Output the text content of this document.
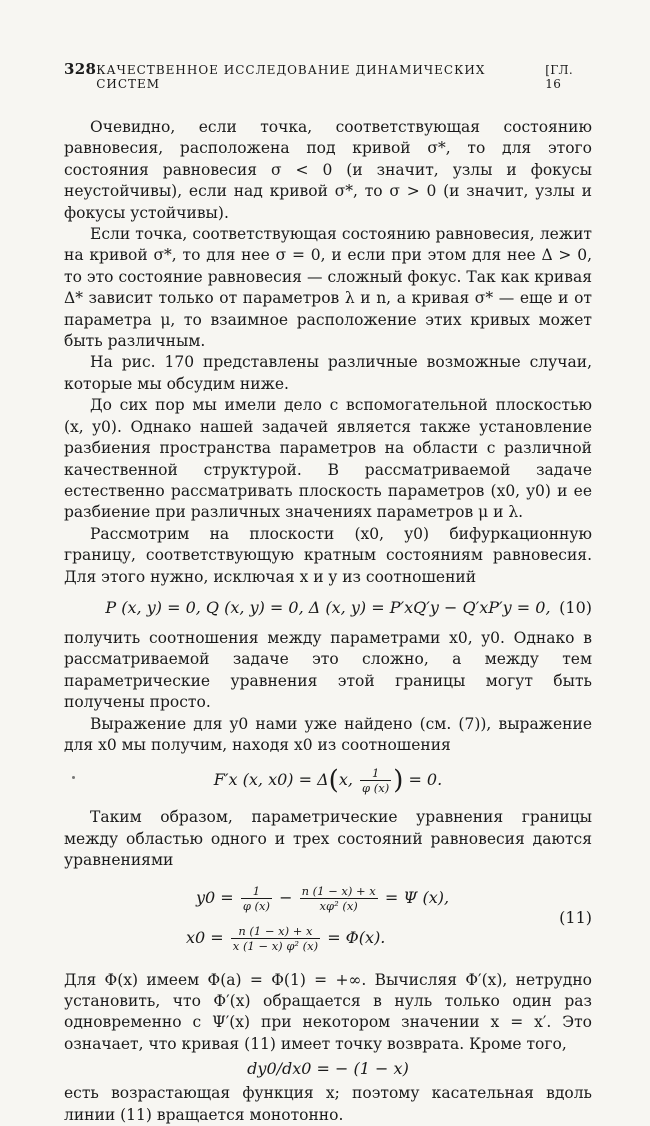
328 КАЧЕСТВЕННОЕ ИССЛЕДОВАНИЕ ДИНАМИЧЕСКИХ СИСТЕМ
[ГЛ. 16

Очевидно, если точка, соответствующая состоянию равновесия, расположена под кривой σ*, то для этого состояния равновесия σ < 0 (и значит, узлы и фокусы неустойчивы), если над кривой σ*, то σ > 0 (и значит, узлы и фокусы устойчивы).

Если точка, соответствующая состоянию равновесия, лежит на кривой σ*, то для нее σ = 0, и если при этом для нее Δ > 0, то это состояние равновесия — сложный фокус. Так как кривая Δ* зависит только от параметров λ и n, а кривая σ* — еще и от параметра μ, то взаимное расположение этих кривых может быть различным.

На рис. 170 представлены различные возможные случаи, которые мы обсудим ниже.

До сих пор мы имели дело с вспомогательной плоскостью (x, y0). Однако нашей задачей является также установление разбиения пространства параметров на области с различной качественной структурой. В рассматриваемой задаче естественно рассматривать плоскость параметров (x0, y0) и ее разбиение при различных значениях параметров μ и λ.

Рассмотрим на плоскости (x0, y0) бифуркационную границу, соответствующую кратным состояниям равновесия. Для этого нужно, исключая x и y из соотношений

P (x, y) = 0, Q (x, y) = 0, Δ (x, y) = P′xQ′y − Q′xP′y = 0, (10)

получить соотношения между параметрами x0, y0. Однако в рассматриваемой задаче это сложно, а между тем параметрические уравнения этой границы могут быть получены просто.

Выражение для y0 нами уже найдено (см. (7)), выражение для x0 мы получим, находя x0 из соотношения

F′x (x, x0) = Δ(x, $\frac{1}{\varphi (x)}$ ) = 0.

Таким образом, параметрические уравнения границы между областью одного и трех состояний равновесия даются уравнениями

$y0 = \frac{1}{\varphi (x)} - \frac{n (1 - x) + x}{\text{xφ² (x)}} = \Psi$ (x),
$x0 = \frac{n (1 - x) + x}{\text{x (1 − x) φ² (x)}} = \Phi(x)$.
(11)

Для Φ(x) имеем Φ(a) = Φ(1) = +∞. Вычисляя Φ′(x), нетрудно установить, что Φ′(x) обращается в нуль только один раз одновременно с Ψ′(x) при некотором значении x = x′. Это означает, что кривая (11) имеет точку возврата. Кроме того,

dy0/dx0 = − (1 − x)

есть возрастающая функция x; поэтому касательная вдоль линии (11) вращается монотонно.
